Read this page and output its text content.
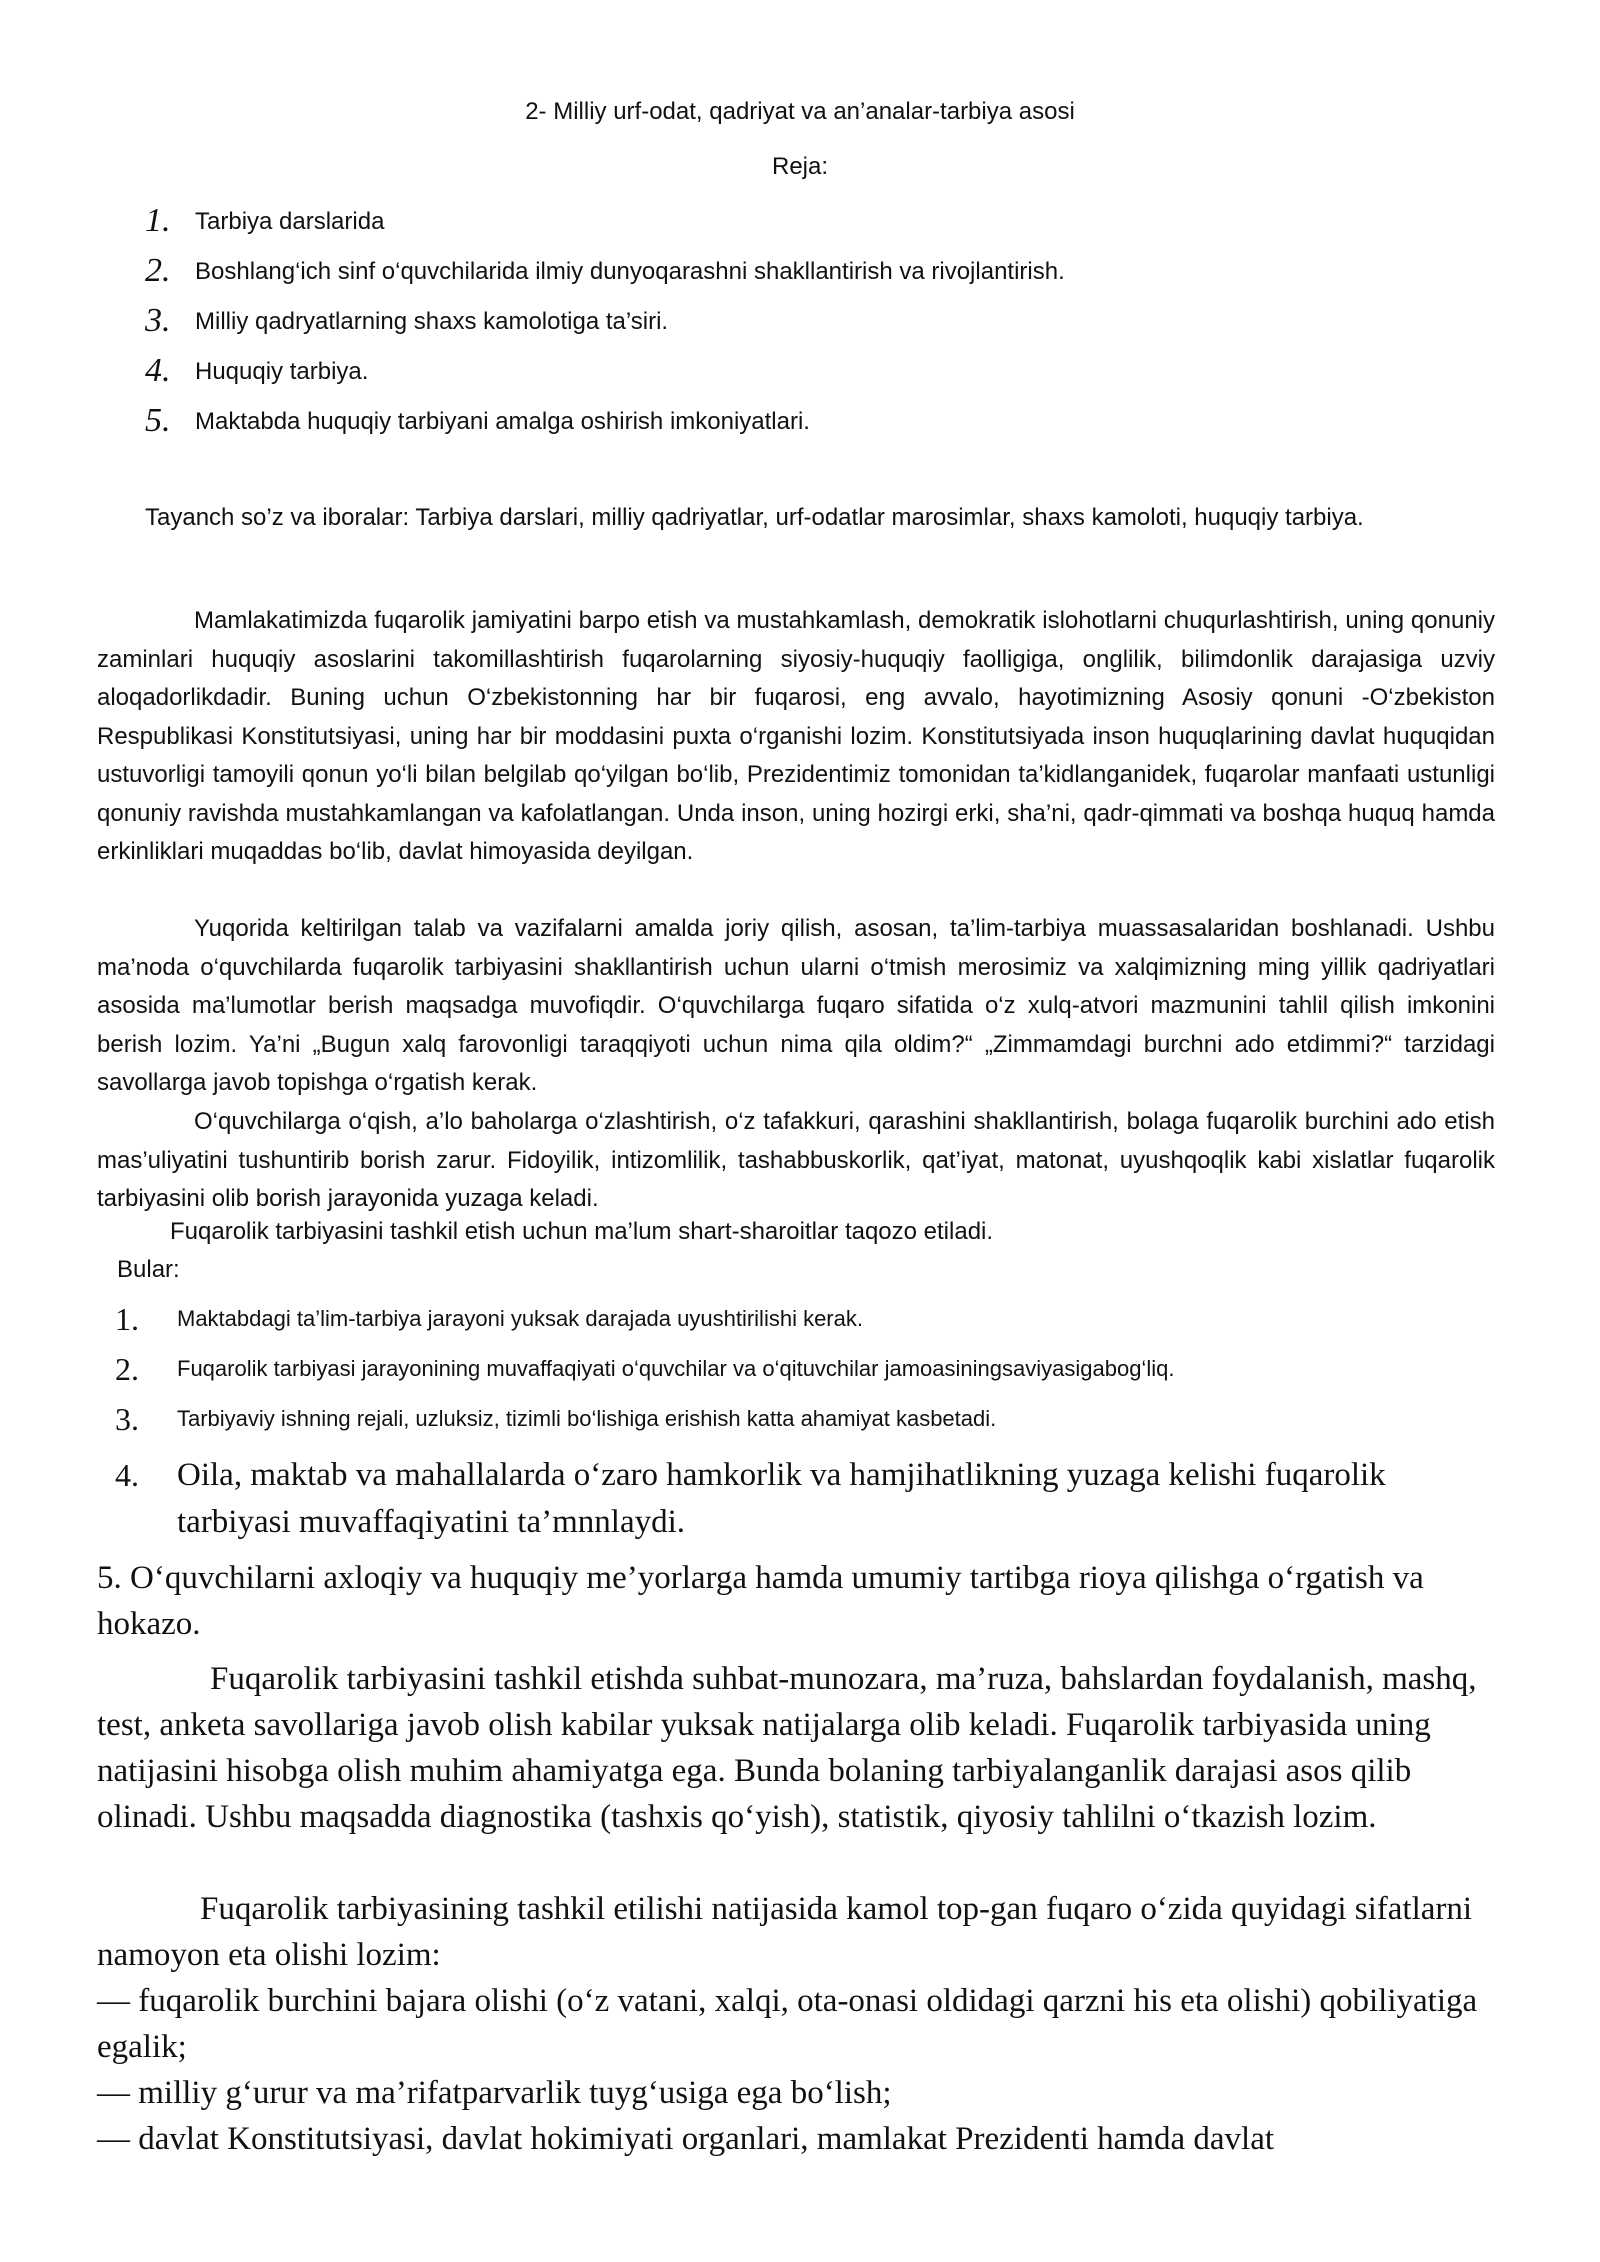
2- Milliy urf-odat, qadriyat va an’analar-tarbiya asosi
Reja:
1.	Tarbiya darslarida
2.	Boshlang‘ich sinf o‘quvchilarida ilmiy dunyoqarashni shakllantirish va rivojlantirish.
3.	Milliy qadryatlarning shaxs kamolotiga ta’siri.
4.	Huquqiy tarbiya.
5.	Maktabda huquqiy tarbiyani amalga oshirish imkoniyatlari.
Tayanch so’z va iboralar: Tarbiya darslari, milliy qadriyatlar, urf-odatlar marosimlar, shaxs kamoloti, huquqiy tarbiya.

Mamlakatimizda fuqarolik jamiyatini barpo etish va mustahkamlash, demokratik islohotlarni chuqurlashtirish, uning qonuniy zaminlari huquqiy asoslarini takomillashtirish fuqarolarning siyosiy-huquqiy faolligiga, onglilik, bilimdonlik darajasiga uzviy aloqadorlikdadir. Buning uchun O‘zbekistonning har bir fuqarosi, eng avvalo, hayotimizning Asosiy qonuni -O‘zbekiston Respublikasi Konstitutsiyasi, uning har bir moddasini puxta o‘rganishi lozim. Konstitutsiyada inson huquqlarining davlat huquqidan ustuvorligi tamoyili qonun yo‘li bilan belgilab qo‘yilgan bo‘lib, Prezidentimiz tomonidan ta’kidlanganidek, fuqarolar manfaati ustunligi qonuniy ravishda mustahkamlangan va kafolatlangan. Unda inson, uning hozirgi erki, sha’ni, qadr-qimmati va boshqa huquq hamda erkinliklari muqaddas bo‘lib, davlat himoyasida deyilgan.

Yuqorida keltirilgan talab va vazifalarni amalda joriy qilish, asosan, ta’lim-tarbiya muassasalaridan boshlanadi. Ushbu ma’noda o‘quvchilarda fuqarolik tarbiyasini shakllantirish uchun ularni o‘tmish merosimiz va xalqimizning ming yillik qadriyatlari asosida ma’lumotlar berish maqsadga muvofiqdir. O‘quvchilarga fuqaro sifatida o‘z xulq-atvori mazmunini tahlil qilish imkonini berish lozim. Ya’ni „Bugun xalq farovonligi taraqqiyoti uchun nima qila oldim?“ „Zimmamdagi burchni ado etdimmi?“ tarzidagi savollarga javob topishga o‘rgatish kerak.

O‘quvchilarga o‘qish, a’lo baholarga o‘zlashtirish, o‘z tafakkuri, qarashini shakllantirish, bolaga fuqarolik burchini ado etish mas’uliyatini tushuntirib borish zarur. Fidoyilik, intizomlilik, tashabbuskorlik, qat’iyat, matonat, uyushqoqlik kabi xislatlar fuqarolik tarbiyasini olib borish jarayonida yuzaga keladi.

Fuqarolik tarbiyasini tashkil etish uchun ma’lum shart-sharoitlar taqozo etiladi.
Bular:
1.	Maktabdagi ta’lim-tarbiya jarayoni yuksak darajada uyushtirilishi kerak.
2.	Fuqarolik tarbiyasi jarayonining muvaffaqiyati o‘quvchilar va o‘qituvchilar jamoasiningsaviyasigabog‘liq.
3.	Tarbiyaviy ishning rejali, uzluksiz, tizimli bo‘lishiga erishish katta ahamiyat kasbetadi.
4.	Oila, maktab va mahallalarda o‘zaro hamkorlik va hamjihatlikning yuzaga kelishi fuqarolik tarbiyasi muvaffaqiyatini ta’mnnlaydi.

5. O‘quvchilarni axloqiy va huquqiy me’yorlarga hamda umumiy tartibga rioya qilishga o‘rgatish va hokazo.

Fuqarolik tarbiyasini tashkil etishda suhbat-munozara, ma’ruza, bahslardan foydalanish, mashq, test, anketa savollariga javob olish kabilar yuksak natijalarga olib keladi. Fuqarolik tarbiyasida uning natijasini hisobga olish muhim ahamiyatga ega. Bunda bolaning tarbiyalanganlik darajasi asos qilib olinadi. Ushbu maqsadda diagnostika (tashxis qo‘yish), statistik, qiyosiy tahlilni o‘tkazish lozim.

Fuqarolik tarbiyasining tashkil etilishi natijasida kamol top-gan fuqaro o‘zida quyidagi sifatlarni namoyon eta olishi lozim:

— fuqarolik burchini bajara olishi (o‘z vatani, xalqi, ota-onasi oldidagi qarzni his eta olishi) qobiliyatiga egalik;

— milliy g‘urur va ma’rifatparvarlik tuyg‘usiga ega bo‘lish;

— davlat Konstitutsiyasi, davlat hokimiyati organlari, mamlakat Prezidenti hamda davlat
